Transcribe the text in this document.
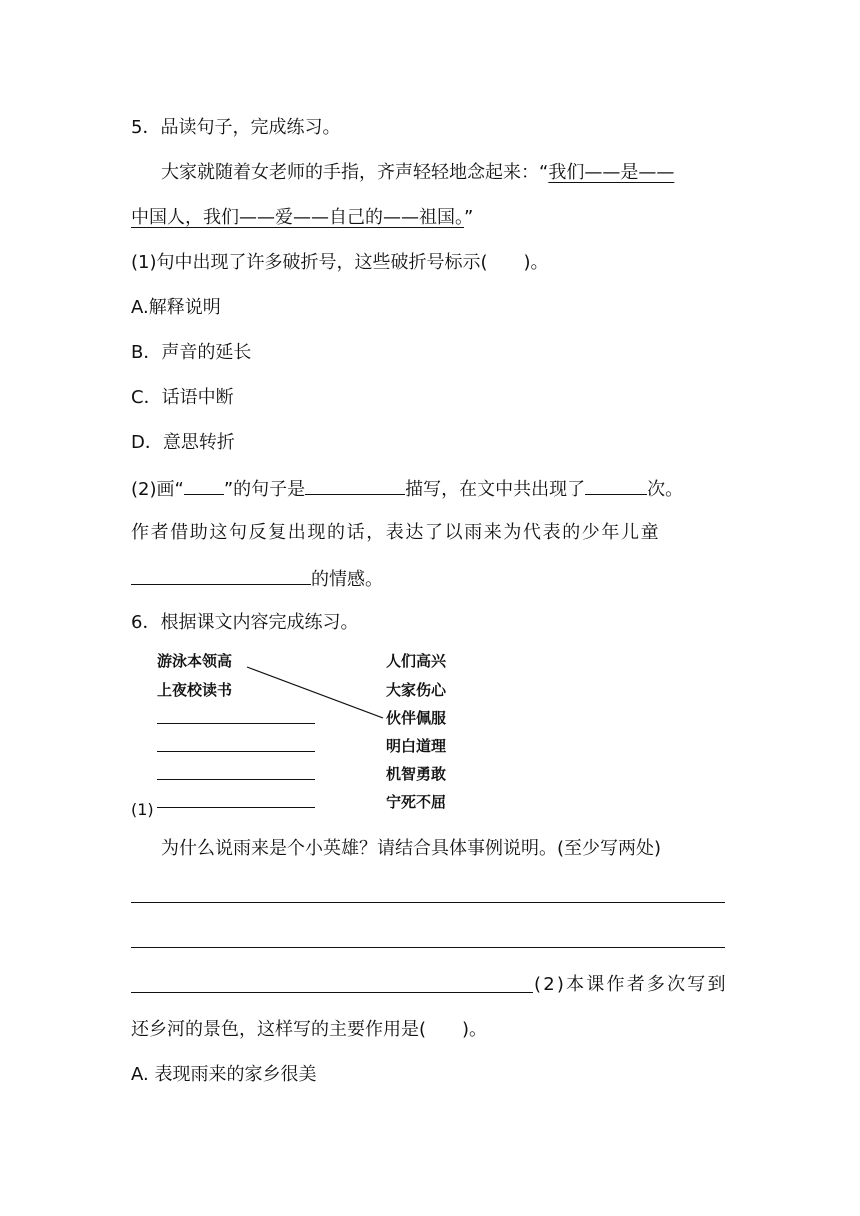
5．品读句子，完成练习。
大家就随着女老师的手指，齐声轻轻地念起来：“我们——是——
中国人，我们——爱——自己的——祖国。”
(1)句中出现了许多破折号，这些破折号标示(　　)。
A.解释说明
B．声音的延长
C．话语中断
D．意思转折
(2)画“ ”的句子是	描写，在文中共出现了	次。
作者借助这句反复出现的话，表达了以雨来为代表的少年儿童
的情感。
6．根据课文内容完成练习。
游泳本领高
上夜校读书
人们高兴
大家伤心
伙伴佩服
明白道理
机智勇敢
宁死不屈
(1)
为什么说雨来是个小英雄？请结合具体事例说明。(至少写两处)
(2)本课作者多次写到
还乡河的景色，这样写的主要作用是(　　)。
A. 表现雨来的家乡很美
